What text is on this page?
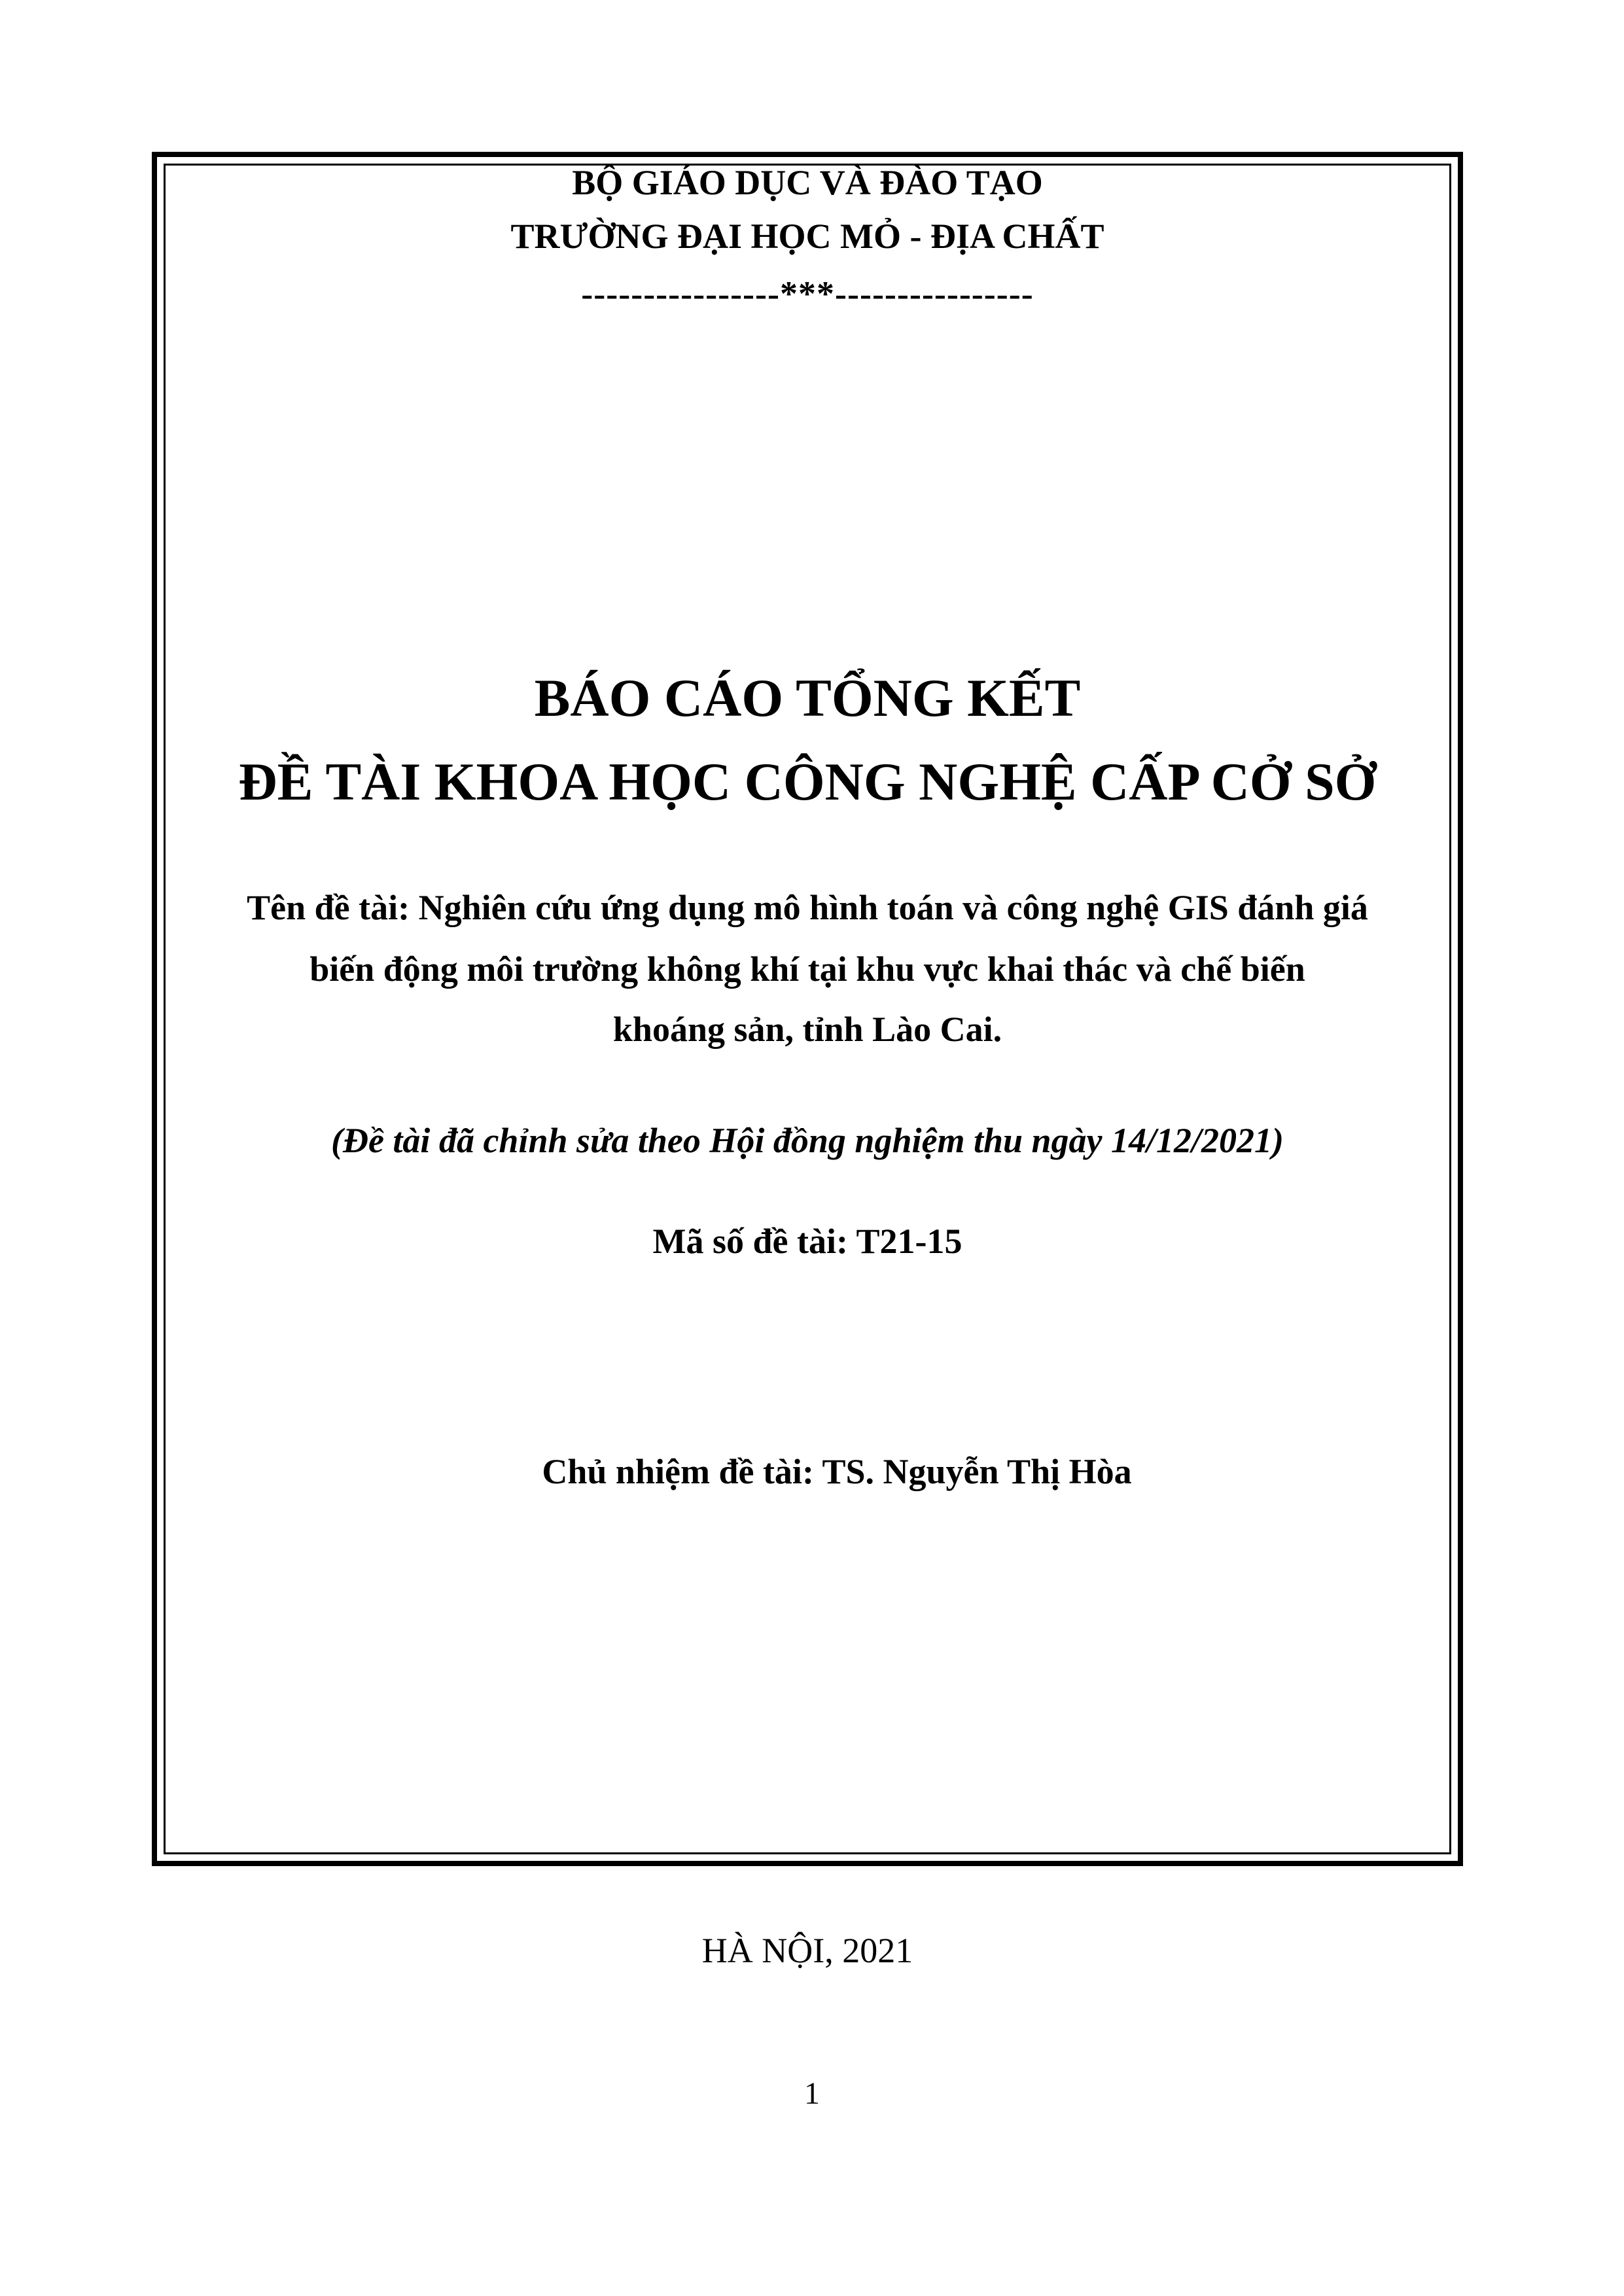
BỘ GIÁO DỤC VÀ ĐÀO TẠO
TRƯỜNG ĐẠI HỌC MỎ - ĐỊA CHẤT
----------------***----------------
BÁO CÁO TỔNG KẾT
ĐỀ TÀI KHOA HỌC CÔNG NGHỆ CẤP CỞ SỞ
Tên đề tài: Nghiên cứu ứng dụng mô hình toán và công nghệ GIS đánh giá
biến động môi trường không khí tại khu vực khai thác và chế biến
khoáng sản, tỉnh Lào Cai.
(Đề tài đã chỉnh sửa theo Hội đồng nghiệm thu ngày 14/12/2021)
Mã số đề tài: T21-15
Chủ nhiệm đề tài: TS. Nguyễn Thị Hòa
HÀ NỘI, 2021
1
